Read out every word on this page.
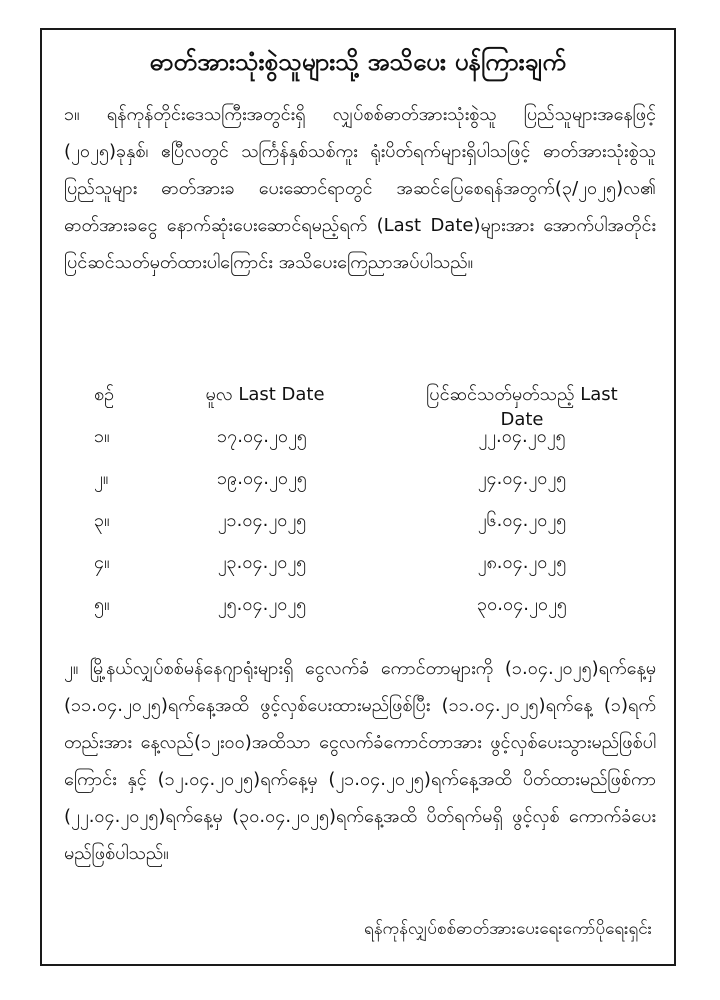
ဓာတ်အားသုံးစွဲသူများသို့ အသိပေး ပန်ကြားချက်
၁။ ရန်ကုန်တိုင်းဒေသကြီးအတွင်းရှိ လျှပ်စစ်ဓာတ်အားသုံးစွဲသူ ပြည်သူများအနေဖြင့် (၂၀၂၅)ခုနှစ်၊ ဧပြီလတွင် သင်္ကြန်နှစ်သစ်ကူး ရုံးပိတ်ရက်များရှိပါသဖြင့် ဓာတ်အားသုံးစွဲသူပြည်သူများ ဓာတ်အားခ ပေးဆောင်ရာတွင် အဆင်ပြေစေရန်အတွက်(၃/၂၀၂၅)လ၏ ဓာတ်အားခငွေ နောက်ဆုံးပေးဆောင်ရမည့်ရက် (Last Date)များအား အောက်ပါအတိုင်း ပြင်ဆင်သတ်မှတ်ထားပါကြောင်း အသိပေးကြေညာအပ်ပါသည်။
စဉ်	မူလ Last Date	ပြင်ဆင်သတ်မှတ်သည့် Last Date
၁။	၁၇.၀၄.၂၀၂၅	၂၂.၀၄.၂၀၂၅
၂။	၁၉.၀၄.၂၀၂၅	၂၄.၀၄.၂၀၂၅
၃။	၂၁.၀၄.၂၀၂၅	၂၆.၀၄.၂၀၂၅
၄။	၂၃.၀၄.၂၀၂၅	၂၈.၀၄.၂၀၂၅
၅။	၂၅.၀၄.၂၀၂၅	၃၀.၀၄.၂၀၂၅
၂။ မြို့နယ်လျှပ်စစ်မန်နေဂျာရုံးများရှိ ငွေလက်ခံ ကောင်တာများကို (၁.၀၄.၂၀၂၅)ရက်နေ့မှ (၁၁.၀၄.၂၀၂၅)ရက်နေ့အထိ ဖွင့်လှစ်ပေးထားမည်ဖြစ်ပြီး (၁၁.၀၄.၂၀၂၅)ရက်နေ့ (၁)ရက်တည်းအား နေ့လည်(၁၂း၀၀)အထိသာ ငွေလက်ခံကောင်တာအား ဖွင့်လှစ်ပေးသွားမည်ဖြစ်ပါကြောင်း နှင့် (၁၂.၀၄.၂၀၂၅)ရက်နေ့မှ (၂၁.၀၄.၂၀၂၅)ရက်နေ့အထိ ပိတ်ထားမည်ဖြစ်ကာ (၂၂.၀၄.၂၀၂၅)ရက်နေ့မှ (၃၀.၀၄.၂၀၂၅)ရက်နေ့အထိ ပိတ်ရက်မရှိ ဖွင့်လှစ် ကောက်ခံပေးမည်ဖြစ်ပါသည်။
ရန်ကုန်လျှပ်စစ်ဓာတ်အားပေးရေးကော်ပိုရေးရှင်း
